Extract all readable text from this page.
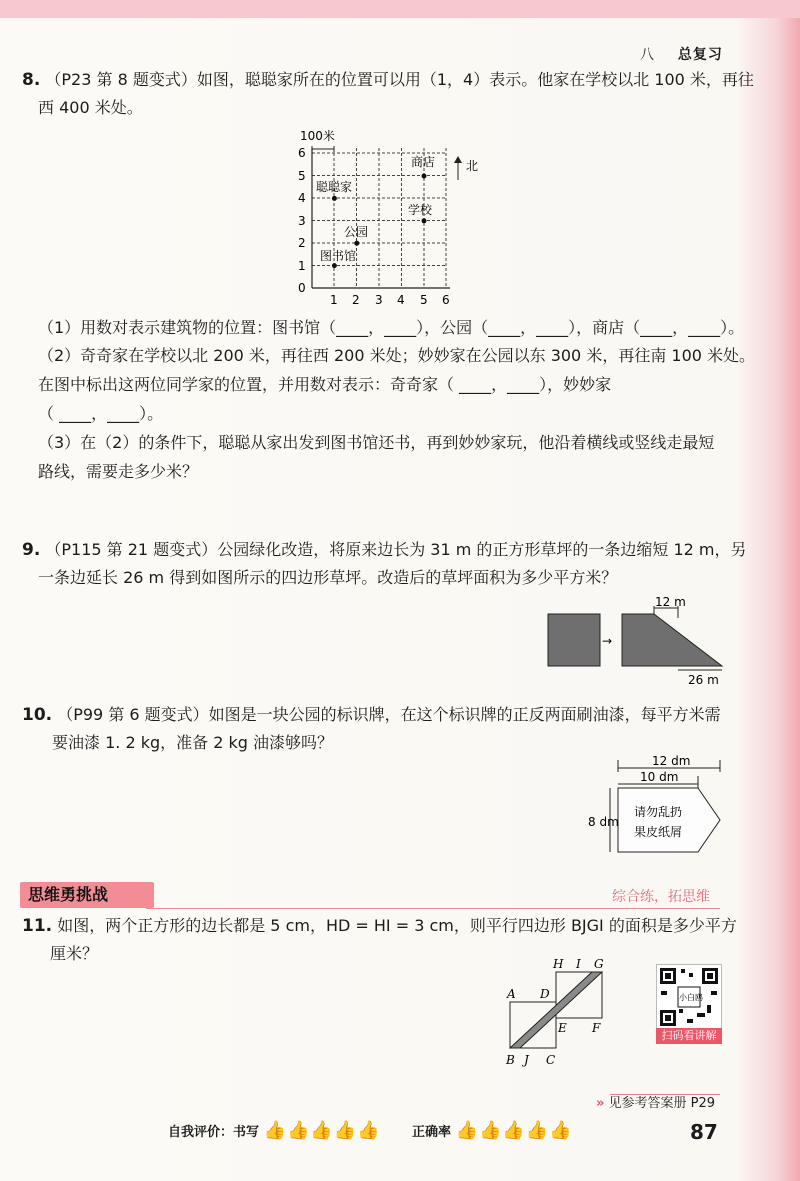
八 总复习
8. （P23 第 8 题变式）如图，聪聪家所在的位置可以用（1，4）表示。他家在学校以北 100 米，再往
西 400 米处。
100米
北
0
1
2
3
4
5
6
1 2 3 4 5 6
商店
聪聪家
学校
公园
图书馆
（1）用数对表示建筑物的位置：图书馆（____，____），公园（____，____），商店（____，____）。
（2）奇奇家在学校以北 200 米，再往西 200 米处；妙妙家在公园以东 300 米，再往南 100 米处。
在图中标出这两位同学家的位置，并用数对表示：奇奇家（ ____，____），妙妙家
（ ____，____）。
（3）在（2）的条件下，聪聪从家出发到图书馆还书，再到妙妙家玩，他沿着横线或竖线走最短
路线，需要走多少米？
9. （P115 第 21 题变式）公园绿化改造，将原来边长为 31 m 的正方形草坪的一条边缩短 12 m，另
一条边延长 26 m 得到如图所示的四边形草坪。改造后的草坪面积为多少平方米？
→
12 m
26 m
10. （P99 第 6 题变式）如图是一块公园的标识牌，在这个标识牌的正反两面刷油漆，每平方米需
要油漆 1. 2 kg，准备 2 kg 油漆够吗？
12 dm
10 dm
8 dm
请勿乱扔
果皮纸屑
思维勇挑战	综合练，拓思维
11. 如图，两个正方形的边长都是 5 cm，HD = HI = 3 cm，则平行四边形 BJGI 的面积是多少平方
厘米？
H I G
A D
E F
B J C
小白鸥
扫码看讲解
» 见参考答案册 P29
自我评价：书写 👍👍👍👍👍 正确率 👍👍👍👍👍	87
